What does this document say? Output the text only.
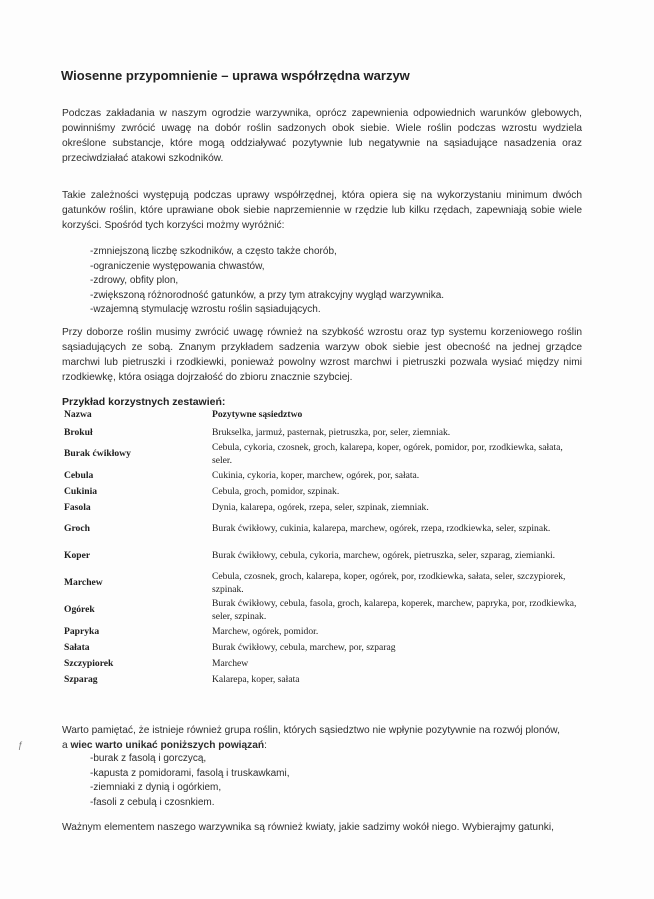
Wiosenne przypomnienie – uprawa współrzędna warzyw
Podczas zakładania w naszym ogrodzie warzywnika, oprócz zapewnienia odpowiednich warunków glebowych, powinniśmy zwrócić uwagę na dobór roślin sadzonych obok siebie. Wiele roślin podczas wzrostu wydziela określone substancje, które mogą oddziaływać pozytywnie lub negatywnie na sąsiadujące nasadzenia oraz przeciwdziałać atakowi szkodników.
Takie zależności występują podczas uprawy współrzędnej, która opiera się na wykorzystaniu minimum dwóch gatunków roślin, które uprawiane obok siebie naprzemiennie w rzędzie lub kilku rzędach, zapewniają sobie wiele korzyści. Spośród tych korzyści możmy wyróżnić:
-zmniejszoną liczbę szkodników, a często także chorób,
-ograniczenie występowania chwastów,
-zdrowy, obfity plon,
-zwiększoną różnorodność gatunków, a przy tym atrakcyjny wygląd warzywnika.
-wzajemną stymulację wzrostu roślin sąsiadujących.
Przy doborze roślin musimy zwrócić uwagę również na szybkość wzrostu oraz typ systemu korzeniowego roślin sąsiadujących ze sobą. Znanym przykładem sadzenia warzyw obok siebie jest obecność na jednej grządce marchwi lub pietruszki i rzodkiewki, ponieważ powolny wzrost marchwi i pietruszki pozwala wysiać między nimi rzodkiewkę, która osiąga dojrzałość do zbioru znacznie szybciej.
Przykład korzystnych zestawień:
Nazwa	Pozytywne sąsiedztwo
Brokuł	Brukselka, jarmuż, pasternak, pietruszka, por, seler, ziemniak.
Burak ćwikłowy	Cebula, cykoria, czosnek, groch, kalarepa, koper, ogórek, pomidor, por, rzodkiewka, sałata, seler.
Cebula	Cukinia, cykoria, koper, marchew, ogórek, por, sałata.
Cukinia	Cebula, groch, pomidor, szpinak.
Fasola	Dynia, kalarepa, ogórek, rzepa, seler, szpinak, ziemniak.
Groch	Burak ćwikłowy, cukinia, kalarepa, marchew, ogórek, rzepa, rzodkiewka, seler, szpinak.
Koper	Burak ćwikłowy, cebula, cykoria, marchew, ogórek, pietruszka, seler, szparag, ziemianki.
Marchew	Cebula, czosnek, groch, kalarepa, koper, ogórek, por, rzodkiewka, sałata, seler, szczypiorek, szpinak.
Ogórek	Burak ćwikłowy, cebula, fasola, groch, kalarepa, koperek, marchew, papryka, por, rzodkiewka, seler, szpinak.
Papryka	Marchew, ogórek, pomidor.
Sałata	Burak ćwikłowy, cebula, marchew, por, szparag
Szczypiorek	Marchew
Szparag	Kalarepa, koper, sałata
Warto pamiętać, że istnieje również grupa roślin, których sąsiedztwo nie wpłynie pozytywnie na rozwój plonów,
a wiec warto unikać poniższych powiązań:
ƒ
-burak z fasolą i gorczycą,
-kapusta z pomidorami, fasolą i truskawkami,
-ziemniaki z dynią i ogórkiem,
-fasoli z cebulą i czosnkiem.
Ważnym elementem naszego warzywnika są również kwiaty, jakie sadzimy wokół niego. Wybierajmy gatunki,
